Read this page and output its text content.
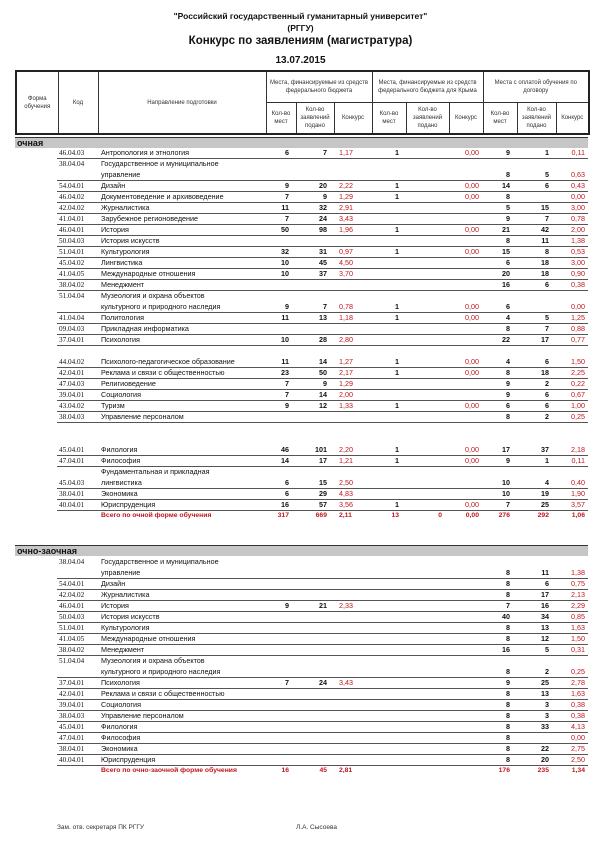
"Российский государственный гуманитарный университет"
(РГГУ)
Конкурс по заявлениям (магистратура)
13.07.2015
Форма обучения	Код	Направление подготовки	Места, финансируемые из средств федерального бюджета			Места, финансируемые из средств федерального бюджета для Крыма			Места с оплатой обучения по договору		
			Кол-во мест	Кол-во заявлений подано	Конкурс	Кол-во мест	Кол-во заявлений подано	Конкурс	Кол-во мест	Кол-во заявлений подано	Конкурс
очная
	46.04.03	Антропология и этнология	6	7	1,17	1		0,00	9	1	0,11
	38.04.04	Государственное и муниципальное									
		управление							8	5	0,63
	54.04.01	Дизайн	9	20	2,22	1		0,00	14	6	0,43
	46.04.02	Документоведение и архивоведение	7	9	1,29	1		0,00	8		0,00
	42.04.02	Журналистика	11	32	2,91				5	15	3,00
	41.04.01	Зарубежное регионоведение	7	24	3,43				9	7	0,78
	46.04.01	История	50	98	1,96	1		0,00	21	42	2,00
	50.04.03	История искусств							8	11	1,38
	51.04.01	Культурология	32	31	0,97	1		0,00	15	8	0,53
	45.04.02	Лингвистика	10	45	4,50				6	18	3,00
	41.04.05	Международные отношения	10	37	3,70				20	18	0,90
	38.04.02	Менеджмент							16	6	0,38
	51.04.04	Музеология и охрана объектов									
		культурного и природного наследия	9	7	0,78	1		0,00	6		0,00
	41.04.04	Политология	11	13	1,18	1		0,00	4	5	1,25
	09.04.03	Прикладная информатика							8	7	0,88
	37.04.01	Психология	10	28	2,80				22	17	0,77

	44.04.02	Психолого-педагогическое образование	11	14	1,27	1		0,00	4	6	1,50
	42.04.01	Реклама и связи с общественностью	23	50	2,17	1		0,00	8	18	2,25
	47.04.03	Религиоведение	7	9	1,29				9	2	0,22
	39.04.01	Социология	7	14	2,00				9	6	0,67
	43.04.02	Туризм	9	12	1,33	1		0,00	6	6	1,00
	38.04.03	Управление персоналом							8	2	0,25

	45.04.01	Филология	46	101	2,20	1		0,00	17	37	2,18
	47.04.01	Философия	14	17	1,21	1		0,00	9	1	0,11
		Фундаментальная и прикладная									
	45.04.03	лингвистика	6	15	2,50				10	4	0,40
	38.04.01	Экономика	6	29	4,83				10	19	1,90
	40.04.01	Юриспруденция	16	57	3,56	1		0,00	7	25	3,57
		Всего по очной форме обучения	317	669	2,11	13	0	0,00	276	292	1,06
очно-заочная
	38.04.04	Государственное и муниципальное									
		управление							8	11	1,38
	54.04.01	Дизайн							8	6	0,75
	42.04.02	Журналистика							8	17	2,13
	46.04.01	История	9	21	2,33				7	16	2,29
	50.04.03	История искусств							40	34	0,85
	51.04.01	Культурология							8	13	1,63
	41.04.05	Международные отношения							8	12	1,50
	38.04.02	Менеджмент							16	5	0,31
	51.04.04	Музеология и охрана объектов									
		культурного и природного наследия							8	2	0,25
	37.04.01	Психология	7	24	3,43				9	25	2,78
	42.04.01	Реклама и связи с общественностью							8	13	1,63
	39.04.01	Социология							8	3	0,38
	38.04.03	Управление персоналом							8	3	0,38
	45.04.01	Филология							8	33	4,13
	47.04.01	Философия							8		0,00
	38.04.01	Экономика							8	22	2,75
	40.04.01	Юриспруденция							8	20	2,50
		Всего по очно-заочной форме обучения	16	45	2,81				176	235	1,34
Зам. отв. секретаря ПК РГГУ	Л.А. Сысоева
